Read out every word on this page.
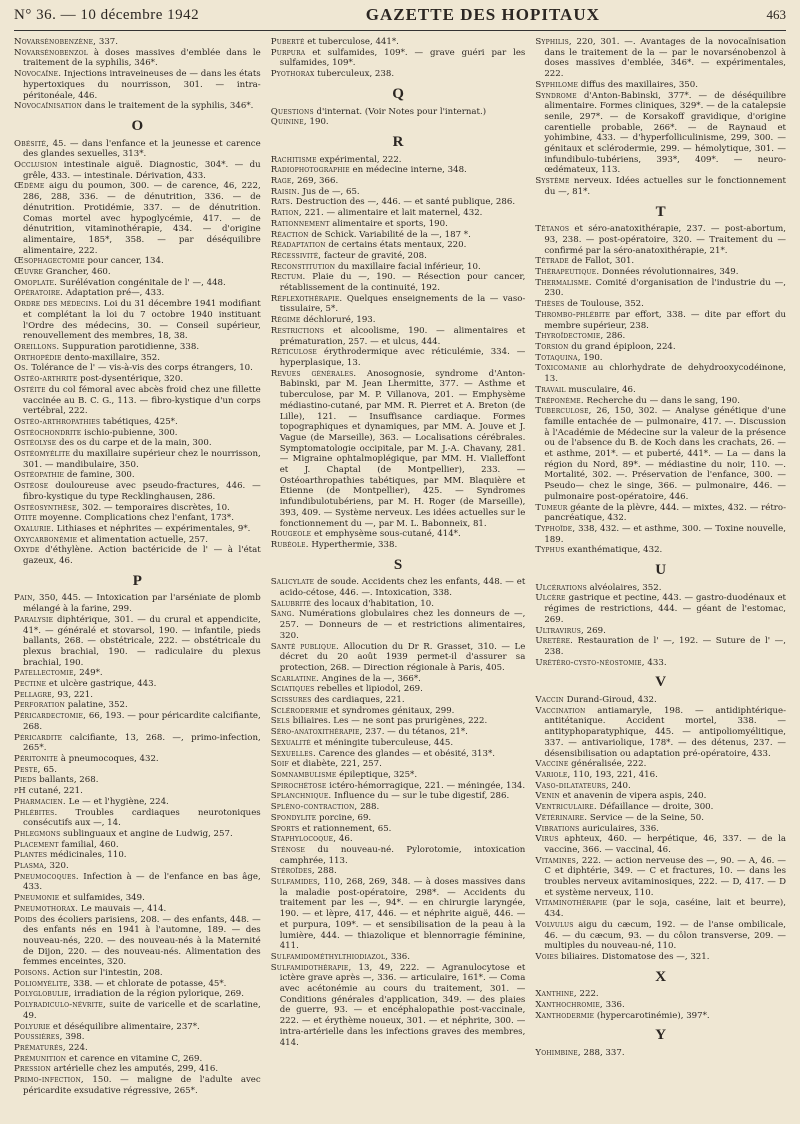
N° 36. — 10 décembre 1942	GAZETTE DES HOPITAUX	463

Novarsénobenzène, 337.

Novarsénobenzol à doses massives d'emblée dans le traitement de la syphilis, 346*.

Novocaïne. Injections intraveineuses de — dans les états hypertoxiques du nourrisson, 301. — intra-péritonéale, 446.

Novocaïnisation dans le traitement de la syphilis, 346*.

O

Obésité, 45. — dans l'enfance et la jeunesse et carence des glandes sexuelles, 313*.

Occlusion intestinale aiguë. Diagnostic, 304*. — du grêle, 433. — intestinale. Dérivation, 433.

Œdème aigu du poumon, 300. — de carence, 46, 222, 286, 288, 336. — de dénutrition, 336. — de dénutrition. Protidémie, 337. — de dénutrition. Comas mortel avec hypoglycémie, 417. — de dénutrition, vitaminothérapie, 434. — d'origine alimentaire, 185*, 358. — par déséquilibre alimentaire, 222.

Œsophagectomie pour cancer, 134.

Œuvre Grancher, 460.

Omoplate. Surélévation congénitale de l' —, 448.

Opératoire. Adaptation pré—, 433.

Ordre des médecins. Loi du 31 décembre 1941 modifiant et complétant la loi du 7 octobre 1940 instituant l'Ordre des médecins, 30. — Conseil supérieur, renouvellement des membres, 18, 38.

Oreillons. Suppuration parotidienne, 338.

Orthopédie dento-maxillaire, 352.

Os. Tolérance de l' — vis-à-vis des corps étrangers, 10.

Ostéo-arthrite post-dysentérique, 320.

Ostéite du col fémoral avec abcès froid chez une fillette vaccinée au B. C. G., 113. — fibro-kystique d'un corps vertébral, 222.

Ostéo-arthropathies tabétiques, 425*.

Ostéochondrite ischio-pubienne, 300.

Ostéolyse des os du carpe et de la main, 300.

Ostéomyélite du maxillaire supérieur chez le nourrisson, 301. — mandibulaire, 350.

Ostéopathie de famine, 300.

Ostéose douloureuse avec pseudo-fractures, 446. — fibro-kystique du type Recklinghausen, 286.

Ostéosynthèse, 302. — temporaires discrètes, 10.

Otite moyenne. Complications chez l'enfant, 173*.

Oxalurie. Lithiases et néphrites — expérimentales, 9*.

Oxycarbonémie et alimentation actuelle, 257.

Oxyde d'éthylène. Action bactéricide de l' — à l'état gazeux, 46.

P

Pain, 350, 445. — Intoxication par l'arséniate de plomb mélangé à la farine, 299.

Paralysie diphtérique, 301. — du crural et appendicite, 41*. — généralé et stovarsol, 190. — infantile, pieds ballants, 268. — obstétricale, 222. — obstétricale du plexus brachial, 190. — radiculaire du plexus brachial, 190.

Patellectomie, 249*.

Pectine et ulcère gastrique, 443.

Pellagre, 93, 221.

Perforation palatine, 352.

Péricardectomie, 66, 193. — pour péricardite calcifiante, 268.

Péricardite calcifiante, 13, 268. —, primo-infection, 265*.

Péritonite à pneumocoques, 432.

Peste, 65.

Pieds ballants, 268.

pH cutané, 221.

Pharmacien. Le — et l'hygiène, 224.

Phlébites. Troubles cardiaques neurotoniques consécutifs aux —, 14.

Phlegmons sublinguaux et angine de Ludwig, 257.

Placement familial, 460.

Plantes médicinales, 110.

Plasma, 320.

Pneumocoques. Infection à — de l'enfance en bas âge, 433.

Pneumonie et sulfamides, 349.

Pneumothorax. Le mauvais —, 414.

Poids des écoliers parisiens, 208. — des enfants, 448. — des enfants nés en 1941 à l'automne, 189. — des nouveau-nés, 220. — des nouveau-nés à la Maternité de Dijon, 220. — des nouveau-nés. Alimentation des femmes enceintes, 320.

Poisons. Action sur l'intestin, 208.

Poliomyélite, 338. — et chlorate de potasse, 45*.

Polyglobulie, irradiation de la région pylorique, 269.

Polyradiculo-névrite, suite de varicelle et de scarlatine, 49.

Polyurie et déséquilibre alimentaire, 237*.

Poussières, 398.

Prématurés, 224.

Prémunition et carence en vitamine C, 269.

Pression artérielle chez les amputés, 299, 416.

Primo-infection, 150. — maligne de l'adulte avec péricardite exsudative régressive, 265*.

Puberté et tuberculose, 441*.

Purpura et sulfamides, 109*. — grave guéri par les sulfamides, 109*.

Pyothorax tuberculeux, 238.

Q

Questions d'internat. (Voir Notes pour l'internat.)

Quinine, 190.

R

Rachitisme expérimental, 222.

Radiophotographie en médecine interne, 348.

Rage, 269, 366.

Raisin. Jus de —, 65.

Rats. Destruction des —, 446. — et santé publique, 286.

Ration, 221. — alimentaire et lait maternel, 432.

Rationnement alimentaire et sports, 190.

Réaction de Schick. Variabilité de la —, 187 *.

Réadaptation de certains états mentaux, 220.

Récessivité, facteur de gravité, 208.

Reconstitution du maxillaire facial inférieur, 10.

Rectum. Plaie du —, 190. — Résection pour cancer, rétablissement de la continuité, 192.

Réflexothérapie. Quelques enseignements de la — vaso-tissulaire, 5*.

Régime déchloruré, 193.

Restrictions et alcoolisme, 190. — alimentaires et prématuration, 257. — et ulcus, 444.

Réticulose érythrodermique avec réticulémie, 334. — hyperplasique, 13.

Revues générales. Anosognosie, syndrome d'Anton-Babinski, par M. Jean Lhermitte, 377. — Asthme et tuberculose, par M. P. Villanova, 201. — Emphysème médiastino-cutané, par MM. R. Pierret et A. Breton (de Lille), 121. — Insuffisance cardiaque. Formes topographiques et dynamiques, par MM. A. Jouve et J. Vague (de Marseille), 363. — Localisations cérébrales. Symptomatologie occipitale, par M. J.-A. Chavany, 281. — Migraine ophtalmoplégique, par MM. H. Vialleffont et J. Chaptal (de Montpellier), 233. — Ostéoarthropathies tabétiques, par MM. Blaquière et Étienne (de Montpellier), 425. — Syndromes infundibulotubériens, par M. H. Roger (de Marseille), 393, 409. — Système nerveux. Les idées actuelles sur le fonctionnement du —, par M. L. Babonneix, 81.

Rougeole et emphysème sous-cutané, 414*.

Rubéole. Hyperthermie, 338.

S

Salicylate de soude. Accidents chez les enfants, 448. — et acido-cétose, 446. —. Intoxication, 338.

Salubrité des locaux d'habitation, 10.

Sang. Numérations globulaires chez les donneurs de —, 257. — Donneurs de — et restrictions alimentaires, 320.

Santé publique. Allocution du Dr R. Grasset, 310. — Le décret du 20 août 1939 permet-il d'assurer sa protection, 268. — Direction régionale à Paris, 405.

Scarlatine. Angines de la —, 366*.

Sciatiques rebelles et lipiodol, 269.

Scissures des cardiaques, 221.

Sclérodermie et syndromes génitaux, 299.

Sels biliaires. Les — ne sont pas prurigènes, 222.

Séro-anatoxithérapie, 237. — du tétanos, 21*.

Sexualité et méningite tuberculeuse, 445.

Sexuelles. Carence des glandes — et obésité, 313*.

Soif et diabète, 221, 257.

Somnambulisme épileptique, 325*.

Spirochétose ictéro-hémorragique, 221. — méningée, 134.

Splanchnique. Influence du — sur le tube digestif, 286.

Spléno-contraction, 288.

Spondylite porcine, 69.

Sports et rationnement, 65.

Staphylocoque, 46.

Sténose du nouveau-né. Pylorotomie, intoxication camphrée, 113.

Stéroïdes, 288.

Sulfamides, 110, 268, 269, 348. — à doses massives dans la maladie post-opératoire, 298*. — Accidents du traitement par les —, 94*. — en chirurgie laryngée, 190. — et lèpre, 417, 446. — et néphrite aiguë, 446. — et purpura, 109*. — et sensibilisation de la peau à la lumière, 444. — thiazolique et blennorragie féminine, 411.

Sulfamidométhylthiodiazol, 336.

Sulfamidothérapie, 13, 49, 222. — Agranulocytose et ictère grave après —, 336. — articulaire, 161*. — Coma avec acétonémie au cours du traitement, 301. — Conditions générales d'application, 349. — des plaies de guerre, 93. — et encéphalopathie post-vaccinale, 222. — et érythème noueux, 301. — et néphrite, 300. — intra-artérielle dans les infections graves des membres, 414.

Syphilis, 220, 301. —. Avantages de la novocaïnisation dans le traitement de la — par le novarsénobenzol à doses massives d'emblée, 346*. — expérimentales, 222.

Syphilome diffus des maxillaires, 350.

Syndrome d'Anton-Babinski, 377*. — de déséquilibre alimentaire. Formes cliniques, 329*. — de la catalepsie senile, 297*. — de Korsakoff gravidique, d'origine carentielle probable, 266*. — de Raynaud et yohimbine, 433. — d'hyperfolliculinisme, 299, 300. — génitaux et sclérodermie, 299. — hémolytique, 301. — infundibulo-tubériens, 393*, 409*. — neuro-œdémateux, 113.

Système nerveux. Idées actuelles sur le fonctionnement du —, 81*.

T

Tétanos et séro-anatoxithérapie, 237. — post-abortum, 93, 238. — post-opératoire, 320. — Traitement du — confirmé par la séro-anatoxithérapie, 21*.

Tétrade de Fallot, 301.

Thérapeutique. Données révolutionnaires, 349.

Thermalisme. Comité d'organisation de l'industrie du —, 230.

Thèses de Toulouse, 352.

Thrombo-phlébite par effort, 338. — dite par effort du membre supérieur, 238.

Thyroïdectomie, 286.

Torsion du grand épiploon, 224.

Totaquina, 190.

Toxicomanie au chlorhydrate de dehydrooxycodéinone, 13.

Travail musculaire, 46.

Tréponème. Recherche du — dans le sang, 190.

Tuberculose, 26, 150, 302. — Analyse génétique d'une famille entachée de — pulmonaire, 417. —. Discussion à l'Académie de Médecine sur la valeur de la présence ou de l'absence du B. de Koch dans les crachats, 26. — et asthme, 201*. — et puberté, 441*. — La — dans la région du Nord, 89*. — médiastine du noir, 110. —. Mortalité, 302. —. Préservation de l'enfance, 300. — Pseudo— chez le singe, 366. — pulmonaire, 446. — pulmonaire post-opératoire, 446.

Tumeur géante de la plèvre, 444. — mixtes, 432. — rétro-pancréatique, 432.

Typhoïde, 338, 432. — et asthme, 300. — Toxine nouvelle, 189.

Typhus exanthématique, 432.

U

Ulcérations alvéolaires, 352.

Ulcère gastrique et pectine, 443. — gastro-duodénaux et régimes de restrictions, 444. — géant de l'estomac, 269.

Ultravirus, 269.

Uretère. Restauration de l' —, 192. — Suture de l' —, 238.

Urétéro-cysto-néostomie, 433.

V

Vaccin Durand-Giroud, 432.

Vaccination antiamaryle, 198. — antidiphtérique-antitétanique. Accident mortel, 338. — antityphoparatyphique, 445. — antipoliomyélitique, 337. — antivariolique, 178*. — des détenus, 237. — désensibilisation ou adaptation pré-opératoire, 433.

Vaccine généralisée, 222.

Variole, 110, 193, 221, 416.

Vaso-dilatateurs, 240.

Venin et anavenin de vipera aspis, 240.

Ventriculaire. Défaillance — droite, 300.

Vétérinaire. Service — de la Seine, 50.

Vibrations auriculaires, 336.

Virus aphteux, 460. — herpétique, 46, 337. — de la vaccine, 366. — vaccinal, 46.

Vitamines, 222. — action nerveuse des —, 90. — A, 46. — C et diphtérie, 349. — C et fractures, 10. — dans les troubles nerveux avitaminosiques, 222. — D, 417. — D et système nerveux, 110.

Vitaminothérapie (par le soja, caséine, lait et beurre), 434.

Volvulus aigu du cæcum, 192. — de l'anse ombilicale, 46. — du cæcum, 93. — du côlon transverse, 209. — multiples du nouveau-né, 110.

Voies biliaires. Distomatose des —, 321.

X

Xanthine, 222.

Xanthochromie, 336.

Xanthodermie (hypercarotinémie), 397*.

Y

Yohimbine, 288, 337.
